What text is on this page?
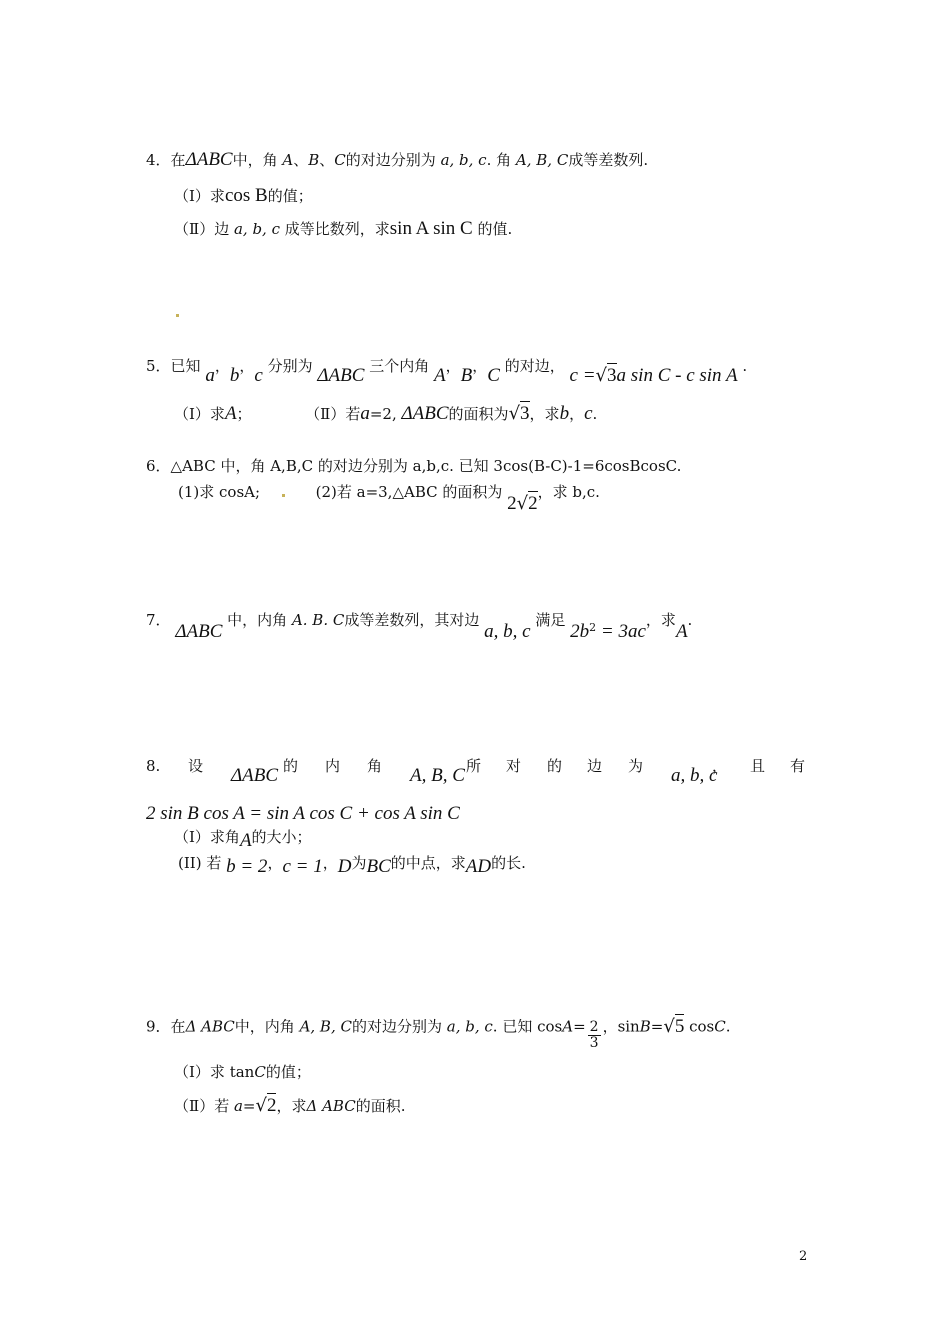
4．在ΔABC中，角 A、B、C的对边分别为 a, b, c. 角 A, B, C成等差数列.
（Ⅰ）求cos B的值；
（Ⅱ）边 a, b, c 成等比数列，求sin A sin C 的值.
5．已知 a，b，c 分别为 ΔABC 三个内角 A，B，C 的对边， c =√3a sin C - c sin A .
（Ⅰ）求A；	（Ⅱ）若a=2, ΔABC的面积为√3，求b，c.
6．△ABC 中，角 A,B,C 的对边分别为 a,b,c. 已知 3cos(B-C)-1=6cosBcosC.
(1)求 cosA;	(2)若 a=3,△ABC 的面积为 2√2，求 b,c.
7． ΔABC 中，内角 A. B. C成等差数列，其对边 a, b, c 满足 $2b^2 = 3ac$，求A.
8. 设 ΔABC 的 内 角 A, B, C 所 对 的 边 为 a, b, c
， 且 有
2 sin B cos A = sin A cos C + cos A sin C
（Ⅰ）求角A的大小；
(II) 若 b = 2，c = 1，D为BC的中点，求AD的长.
9．在Δ ABC中，内角 A, B, C的对边分别为 a, b, c. 已知 $\cos A= \frac{2}{3}$ ，sinB=√5 cosC.
（Ⅰ）求 tanC的值；
（Ⅱ）若 a=√2，求Δ ABC的面积.
2
